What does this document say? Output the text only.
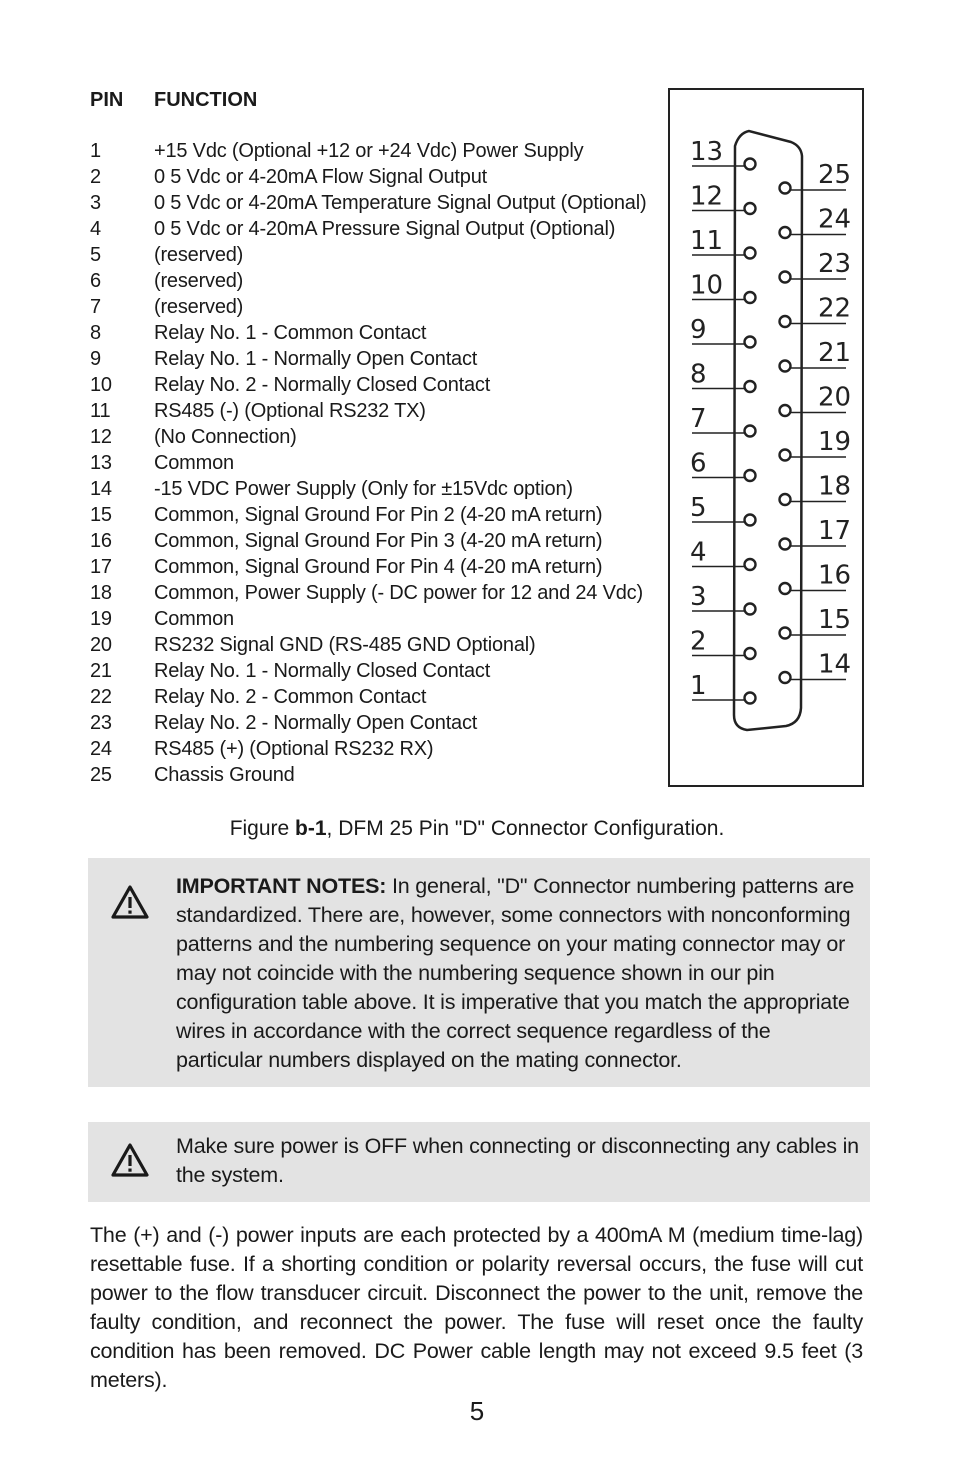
PIN	FUNCTION
1	+15 Vdc (Optional +12 or +24 Vdc) Power Supply
2	0 5 Vdc or 4-20mA Flow Signal Output
3	0 5 Vdc or 4-20mA Temperature Signal Output (Optional)
4	0 5 Vdc or 4-20mA Pressure Signal Output (Optional)
5	(reserved)
6	(reserved)
7	(reserved)
8	Relay No. 1 - Common Contact
9	Relay No. 1 - Normally Open Contact
10	Relay No. 2 - Normally Closed Contact
11	RS485 (-) (Optional RS232 TX)
12	(No Connection)
13	Common
14	-15 VDC Power Supply (Only for ±15Vdc option)
15	Common, Signal Ground For Pin 2 (4-20 mA return)
16	Common, Signal Ground For Pin 3 (4-20 mA return)
17	Common, Signal Ground For Pin 4 (4-20 mA return)
18	Common, Power Supply (- DC power for 12 and 24 Vdc)
19	Common
20	RS232 Signal GND (RS-485 GND Optional)
21	Relay No. 1 - Normally Closed Contact
22	Relay No. 2 - Common Contact
23	Relay No. 2 - Normally Open Contact
24	RS485 (+) (Optional RS232 RX)
25	Chassis Ground
13
12
11
10
9
8
7
6
5
4
3
2
1
25
24
23
22
21
20
19
18
17
16
15
14
Figure b-1, DFM 25 Pin "D" Connector Configuration.
IMPORTANT NOTES: In general, "D" Connector numbering patterns are standardized. There are, however, some connectors with nonconforming patterns and the numbering sequence on your mating connector may or may not coincide with the numbering sequence shown in our pin configuration table above. It is imperative that you match the appropriate wires in accordance with the correct sequence regardless of the particular numbers displayed on the mating connector.
Make sure power is OFF when connecting or disconnecting any cables in the system.
The (+) and (-) power inputs are each protected by a 400mA M (medium time-lag) resettable fuse. If a shorting condition or polarity reversal occurs, the fuse will cut power to the flow transducer circuit. Disconnect the power to the unit, remove the faulty condition, and reconnect the power. The fuse will reset once the faulty condition has been removed. DC Power cable length may not exceed 9.5 feet (3 meters).
5
